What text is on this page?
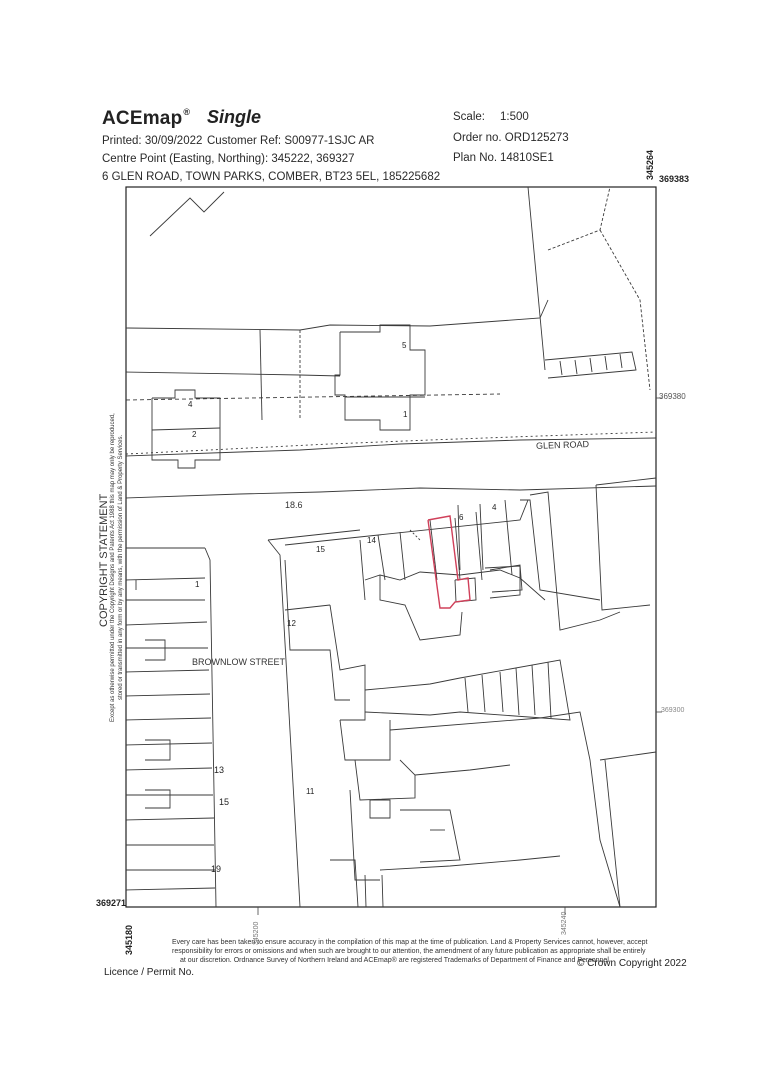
ACEmap® Single
Printed: 30/09/2022 Customer Ref: S00977-1SJC AR
Centre Point (Easting, Northing): 345222, 369327
6 GLEN ROAD, TOWN PARKS, COMBER, BT23 5EL, 185225682
Scale: 1:500
Order no. ORD125273
Plan No. 14810SE1
GLEN ROAD
BROWNLOW STREET
18.6
5
4
2
1
6
4
14
15
1
12
13
15
19
11
345264 369383
369380
369300
369271
345180	345200	345240
COPYRIGHT STATEMENT Except as otherwise permitted under the Copyright Designs and Patents Act 1988 this map may only be reproduced, stored or transmitted in any form or by any means, with the permission of Land & Property Services.
Every care has been taken to ensure accuracy in the compilation of this map at the time of publication. Land & Property Services cannot, however, accept
responsibility for errors or omissions and when such are brought to our attention, the amendment of any future publication as appropriate shall be entirely
at our discretion. Ordnance Survey of Northern Ireland and ACEmap® are registered Trademarks of Department of Finance and Personnel.
© Crown Copyright 2022
Licence / Permit No.
